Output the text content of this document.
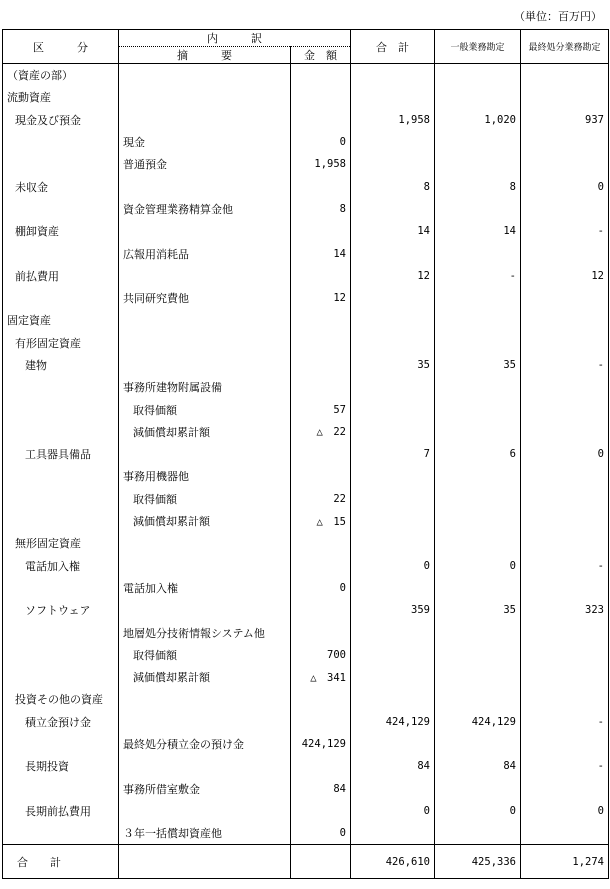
（単位：百万円）
区　　　分	内　　　訳		合　計	一般業務勘定	最終処分業務勘定
	摘　　　要	金　額			
（資産の部）					
流動資産					
現金及び預金			1,958	1,020	937
	現金	0			
	普通預金	1,958			
未収金			8	8	0
	資金管理業務精算金他	8			
棚卸資産			14	14	-
	広報用消耗品	14			
前払費用			12	-	12
	共同研究費他	12			
固定資産					
有形固定資産					
建物			35	35	-
	事務所建物附属設備				
	取得価額	57			
	減価償却累計額	△　22			
工具器具備品			7	6	0
	事務用機器他				
	取得価額	22			
	減価償却累計額	△　15			
無形固定資産					
電話加入権			0	0	-
	電話加入権	0			
ソフトウェア			359	35	323
	地層処分技術情報システム他				
	取得価額	700			
	減価償却累計額	△　341			
投資その他の資産					
積立金預け金			424,129	424,129	-
	最終処分積立金の預け金	424,129			
長期投資			84	84	-
	事務所借室敷金	84			
長期前払費用			0	0	0
	３年一括償却資産他	0			
合　　計			426,610	425,336	1,274
